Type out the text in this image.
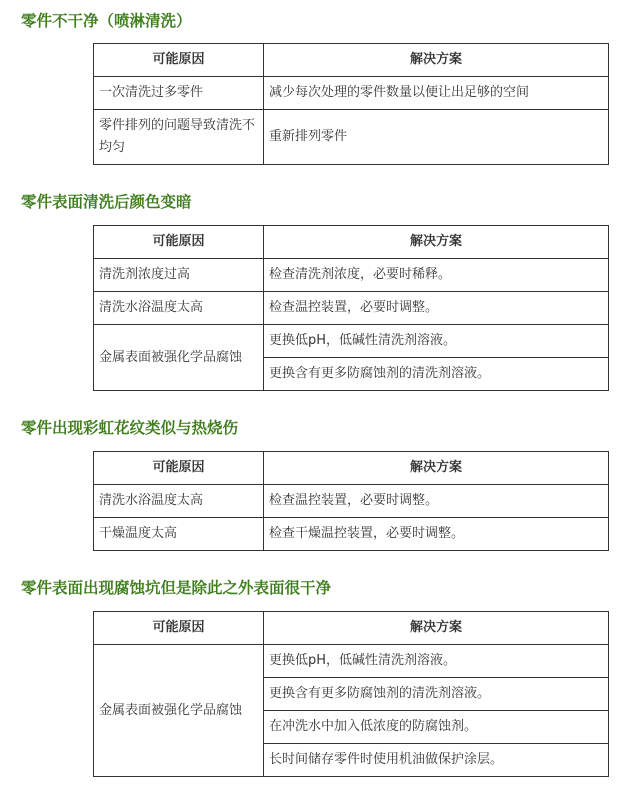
零件不干净（喷淋清洗）
可能原因	解决方案
一次清洗过多零件	减少每次处理的零件数量以便让出足够的空间
零件排列的问题导致清洗不均匀	重新排列零件
零件表面清洗后颜色变暗
可能原因	解决方案
清洗剂浓度过高	检查清洗剂浓度，必要时稀释。
清洗水浴温度太高	检查温控装置，必要时调整。
金属表面被强化学品腐蚀	更换低pH，低碱性清洗剂溶液。
	更换含有更多防腐蚀剂的清洗剂溶液。
零件出现彩虹花纹类似与热烧伤
可能原因	解决方案
清洗水浴温度太高	检查温控装置，必要时调整。
干燥温度太高	检查干燥温控装置，必要时调整。
零件表面出现腐蚀坑但是除此之外表面很干净
可能原因	解决方案
金属表面被强化学品腐蚀	更换低pH，低碱性清洗剂溶液。
	更换含有更多防腐蚀剂的清洗剂溶液。
	在冲洗水中加入低浓度的防腐蚀剂。
	长时间储存零件时使用机油做保护涂层。
